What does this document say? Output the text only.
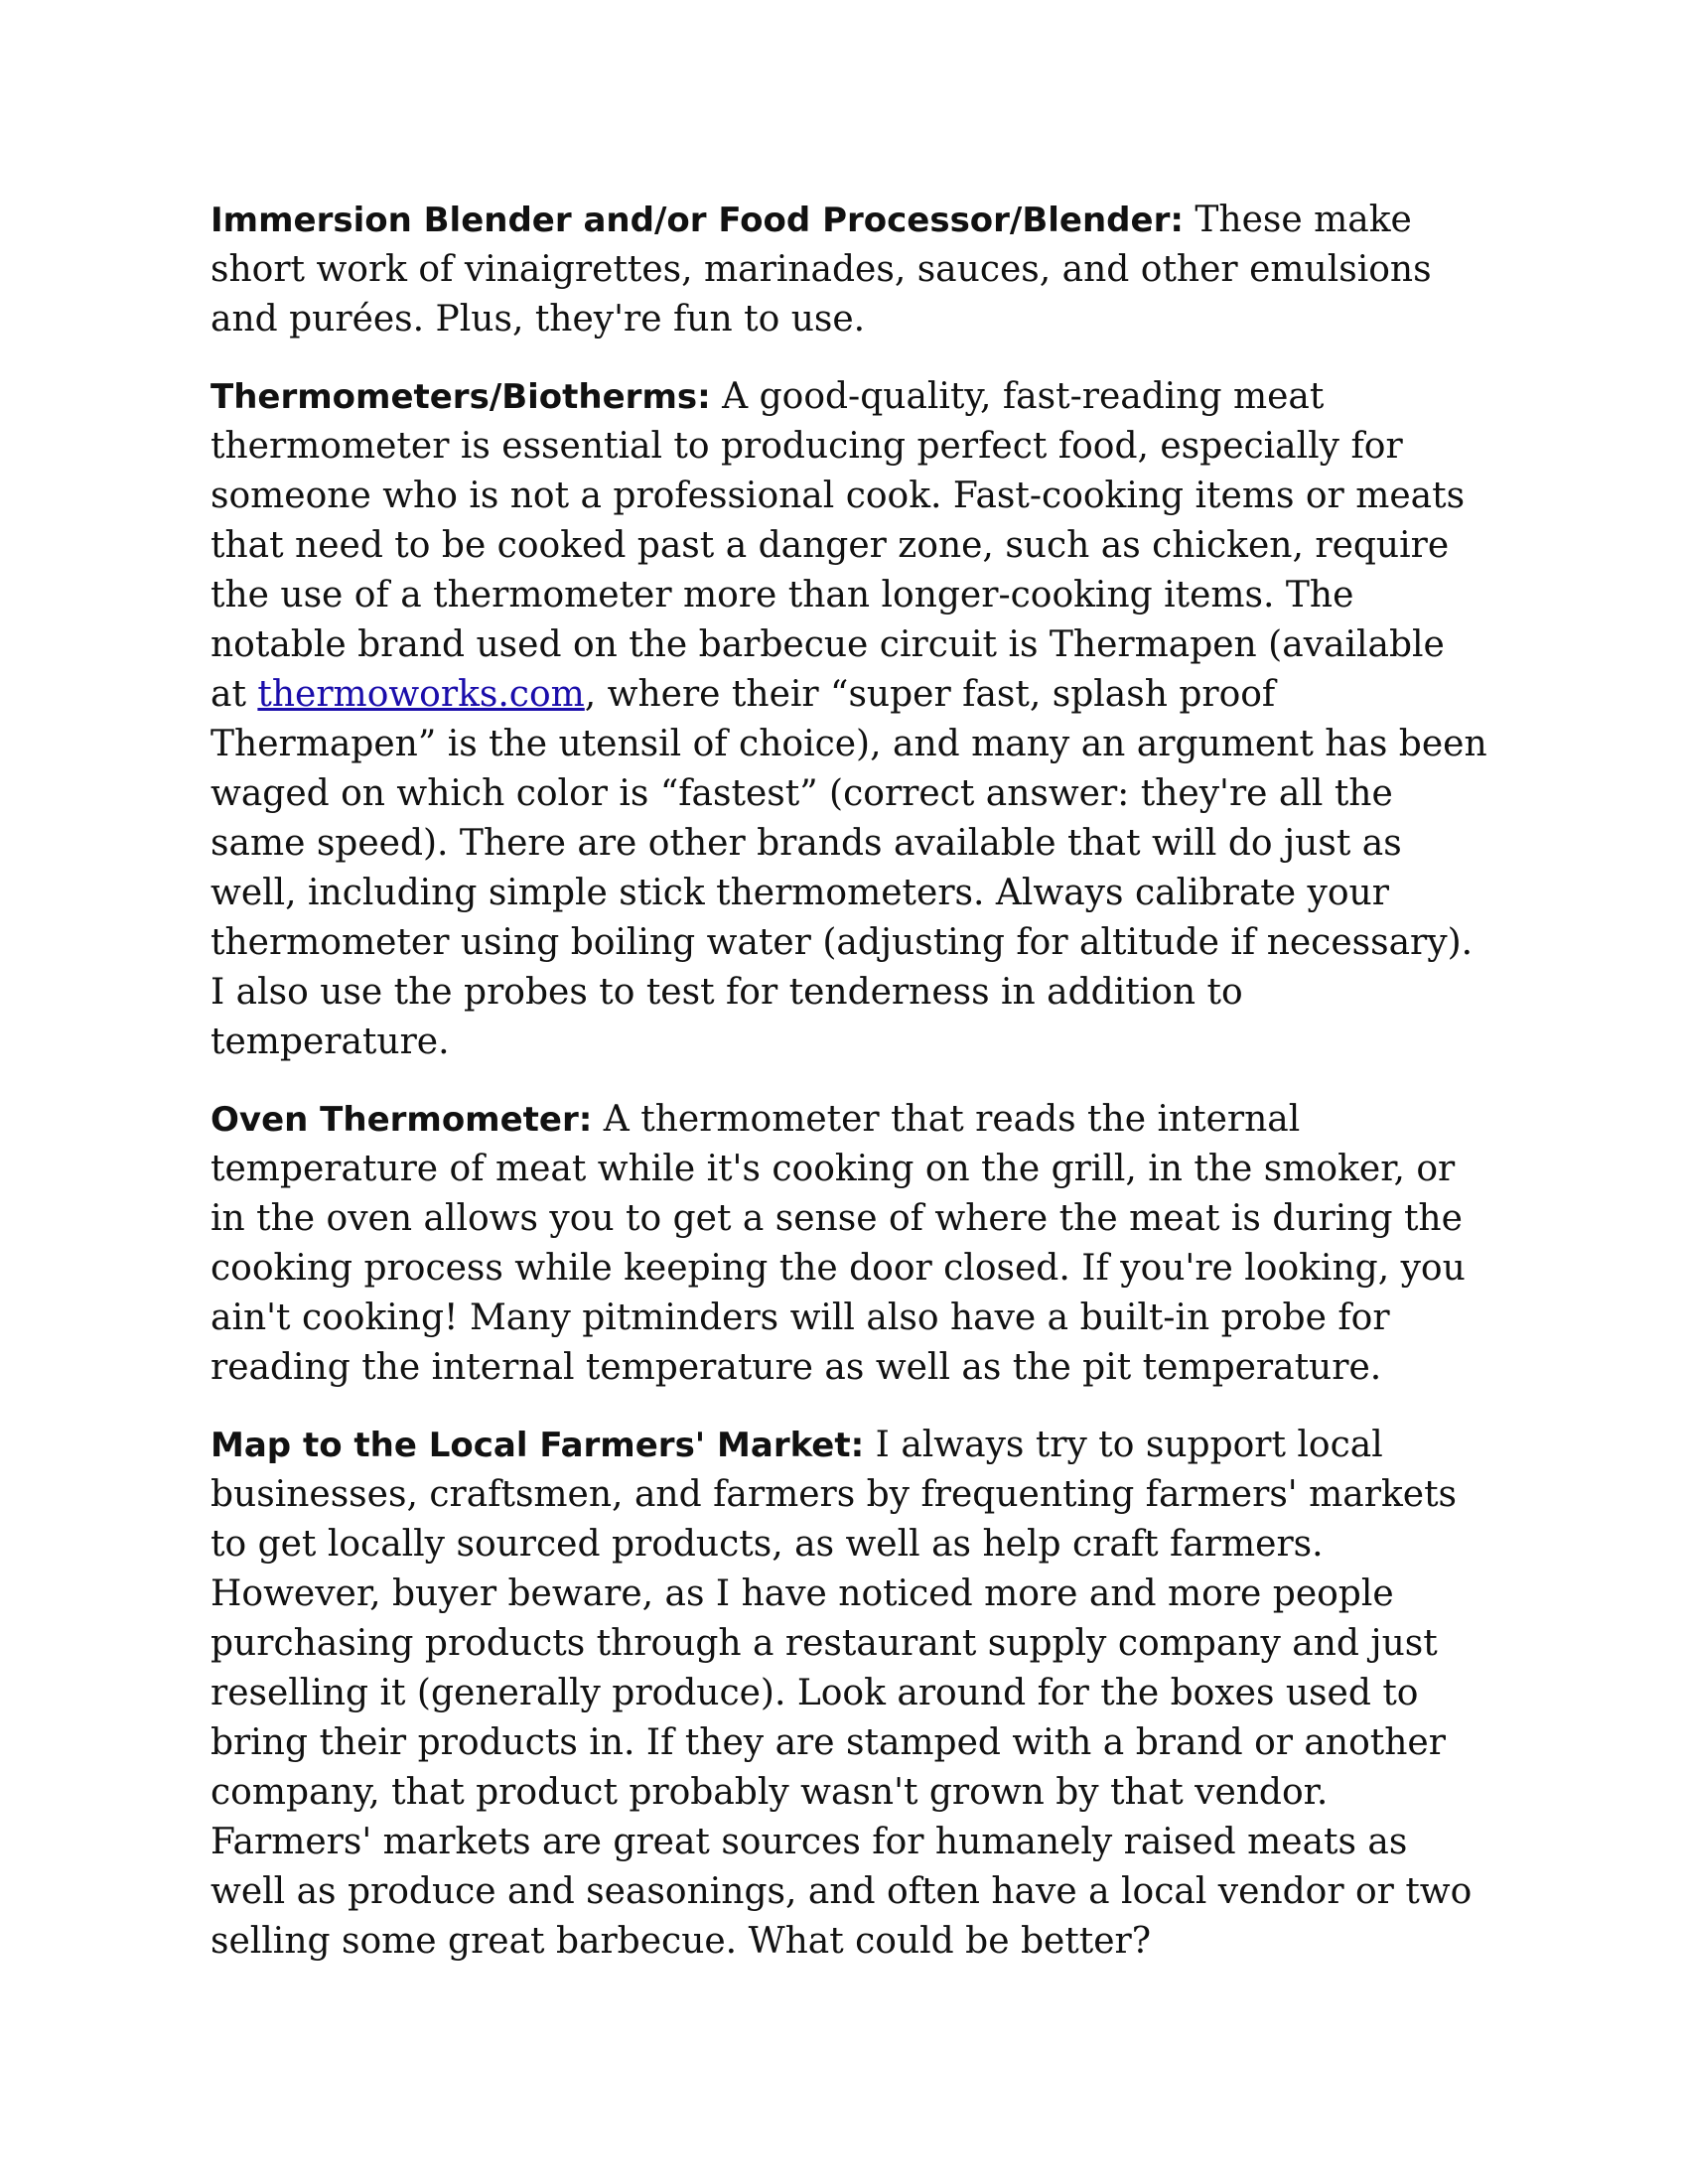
Immersion Blender and/or Food Processor/Blender: These make short work of vinaigrettes, marinades, sauces, and other emulsions and purées. Plus, they're fun to use.

Thermometers/Biotherms: A good-quality, fast-reading meat thermometer is essential to producing perfect food, especially for someone who is not a professional cook. Fast-cooking items or meats that need to be cooked past a danger zone, such as chicken, require the use of a thermometer more than longer-cooking items. The notable brand used on the barbecue circuit is Thermapen (available at thermoworks.com, where their “super fast, splash proof Thermapen” is the utensil of choice), and many an argument has been waged on which color is “fastest” (correct answer: they're all the same speed). There are other brands available that will do just as well, including simple stick thermometers. Always calibrate your thermometer using boiling water (adjusting for altitude if necessary). I also use the probes to test for tenderness in addition to temperature.

Oven Thermometer: A thermometer that reads the internal temperature of meat while it's cooking on the grill, in the smoker, or in the oven allows you to get a sense of where the meat is during the cooking process while keeping the door closed. If you're looking, you ain't cooking! Many pitminders will also have a built-in probe for reading the internal temperature as well as the pit temperature.

Map to the Local Farmers' Market: I always try to support local businesses, craftsmen, and farmers by frequenting farmers' markets to get locally sourced products, as well as help craft farmers. However, buyer beware, as I have noticed more and more people purchasing products through a restaurant supply company and just reselling it (generally produce). Look around for the boxes used to bring their products in. If they are stamped with a brand or another company, that product probably wasn't grown by that vendor. Farmers' markets are great sources for humanely raised meats as well as produce and seasonings, and often have a local vendor or two selling some great barbecue. What could be better?
